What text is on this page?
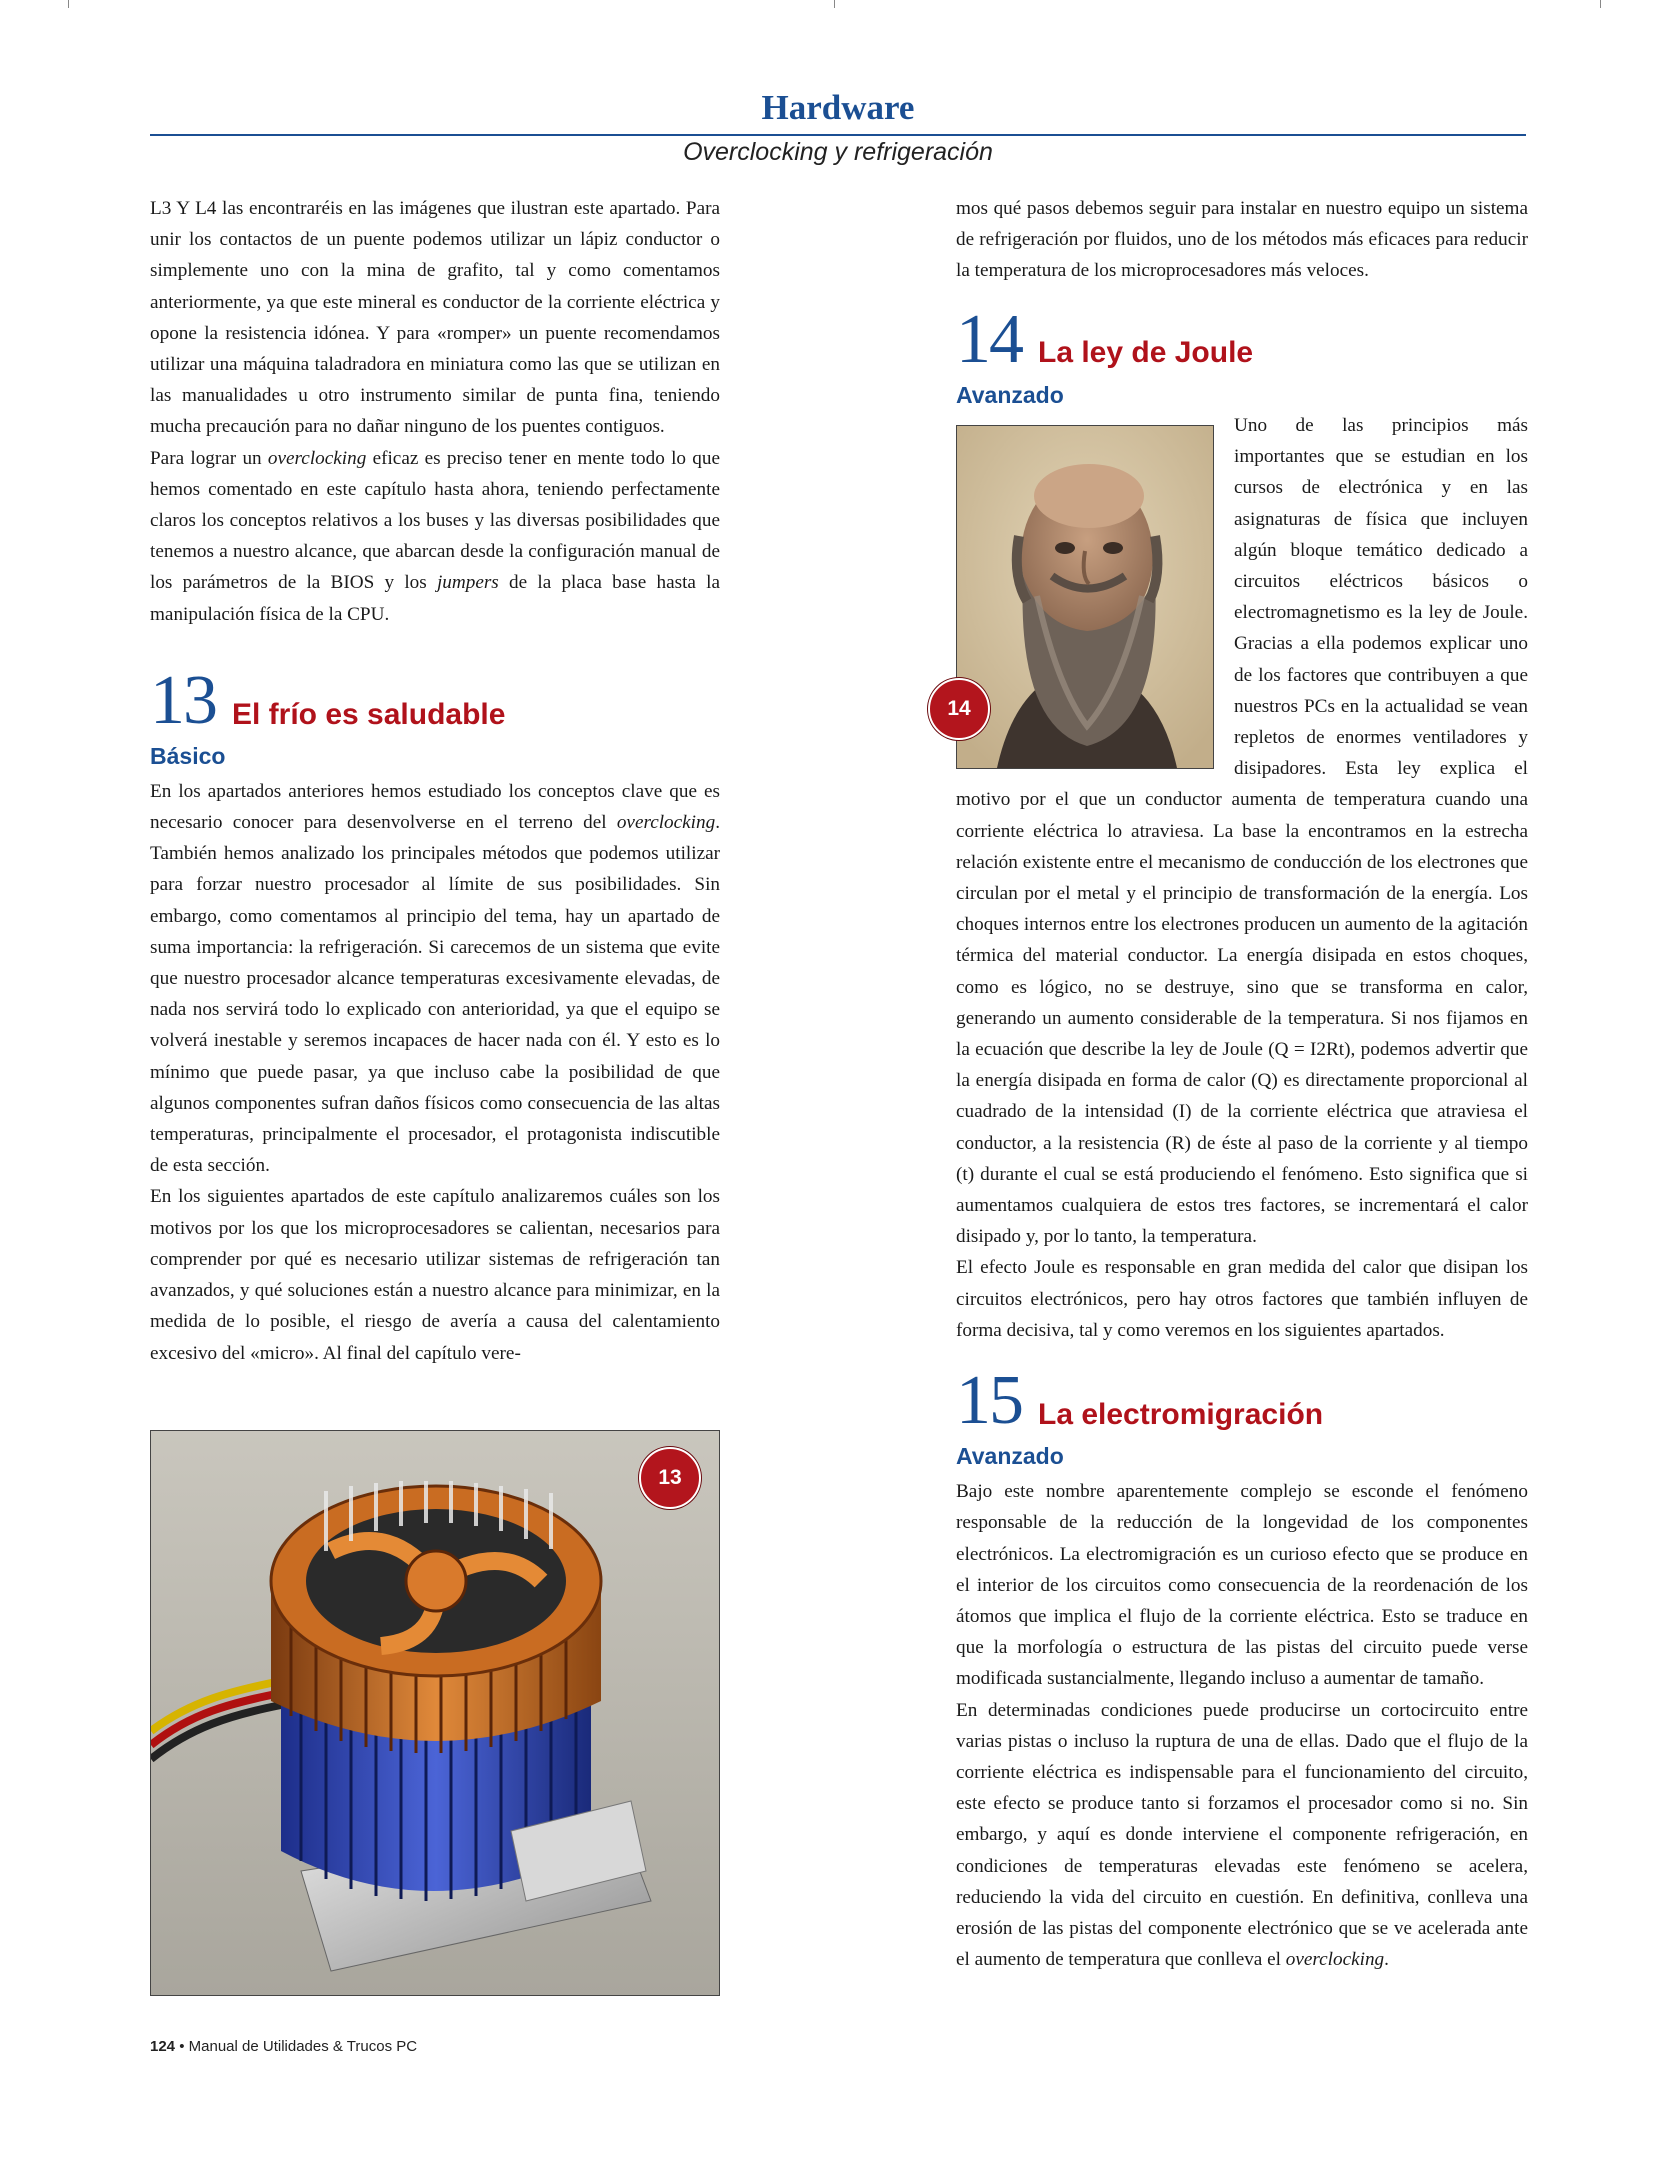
Hardware
Overclocking y refrigeración

L3 Y L4 las encontraréis en las imágenes que ilustran este apartado. Para unir los contactos de un puente podemos utilizar un lápiz conductor o simplemente uno con la mina de grafito, tal y como comentamos anteriormente, ya que este mineral es conductor de la corriente eléctrica y opone la resistencia idónea. Y para «romper» un puente recomendamos utilizar una máquina taladradora en miniatura como las que se utilizan en las manualidades u otro instrumento similar de punta fina, teniendo mucha precaución para no dañar ninguno de los puentes contiguos.

Para lograr un overclocking eficaz es preciso tener en mente todo lo que hemos comentado en este capítulo hasta ahora, teniendo perfectamente claros los conceptos relativos a los buses y las diversas posibilidades que tenemos a nuestro alcance, que abarcan desde la configuración manual de los parámetros de la BIOS y los jumpers de la placa base hasta la manipulación física de la CPU.

13 El frío es saludable
Básico

En los apartados anteriores hemos estudiado los conceptos clave que es necesario conocer para desenvolverse en el terreno del overclocking. También hemos analizado los principales métodos que podemos utilizar para forzar nuestro procesador al límite de sus posibilidades. Sin embargo, como comentamos al principio del tema, hay un apartado de suma importancia: la refrigeración. Si carecemos de un sistema que evite que nuestro procesador alcance temperaturas excesivamente elevadas, de nada nos servirá todo lo explicado con anterioridad, ya que el equipo se volverá inestable y seremos incapaces de hacer nada con él. Y esto es lo mínimo que puede pasar, ya que incluso cabe la posibilidad de que algunos componentes sufran daños físicos como consecuencia de las altas temperaturas, principalmente el procesador, el protagonista indiscutible de esta sección.

En los siguientes apartados de este capítulo analizaremos cuáles son los motivos por los que los microprocesadores se calientan, necesarios para comprender por qué es necesario utilizar sistemas de refrigeración tan avanzados, y qué soluciones están a nuestro alcance para minimizar, en la medida de lo posible, el riesgo de avería a causa del calentamiento excesivo del «micro». Al final del capítulo vere-

13

mos qué pasos debemos seguir para instalar en nuestro equipo un sistema de refrigeración por fluidos, uno de los métodos más eficaces para reducir la temperatura de los microprocesadores más veloces.

14 La ley de Joule
Avanzado
14

Uno de las principios más importantes que se estudian en los cursos de electrónica y en las asignaturas de física que incluyen algún bloque temático dedicado a circuitos eléctricos básicos o electromagnetismo es la ley de Joule. Gracias a ella podemos explicar uno de los factores que contribuyen a que nuestros PCs en la actualidad se vean repletos de enormes ventiladores y disipadores. Esta ley explica el motivo por el que un conductor aumenta de temperatura cuando una corriente eléctrica lo atraviesa. La base la encontramos en la estrecha relación existente entre el mecanismo de conducción de los electrones que circulan por el metal y el principio de transformación de la energía. Los choques internos entre los electrones producen un aumento de la agitación térmica del material conductor. La energía disipada en estos choques, como es lógico, no se destruye, sino que se transforma en calor, generando un aumento considerable de la temperatura. Si nos fijamos en la ecuación que describe la ley de Joule (Q = I2Rt), podemos advertir que la energía disipada en forma de calor (Q) es directamente proporcional al cuadrado de la intensidad (I) de la corriente eléctrica que atraviesa el conductor, a la resistencia (R) de éste al paso de la corriente y al tiempo (t) durante el cual se está produciendo el fenómeno. Esto significa que si aumentamos cualquiera de estos tres factores, se incrementará el calor disipado y, por lo tanto, la temperatura.

El efecto Joule es responsable en gran medida del calor que disipan los circuitos electrónicos, pero hay otros factores que también influyen de forma decisiva, tal y como veremos en los siguientes apartados.

15 La electromigración
Avanzado

Bajo este nombre aparentemente complejo se esconde el fenómeno responsable de la reducción de la longevidad de los componentes electrónicos. La electromigración es un curioso efecto que se produce en el interior de los circuitos como consecuencia de la reordenación de los átomos que implica el flujo de la corriente eléctrica. Esto se traduce en que la morfología o estructura de las pistas del circuito puede verse modificada sustancialmente, llegando incluso a aumentar de tamaño.

En determinadas condiciones puede producirse un cortocircuito entre varias pistas o incluso la ruptura de una de ellas. Dado que el flujo de la corriente eléctrica es indispensable para el funcionamiento del circuito, este efecto se produce tanto si forzamos el procesador como si no. Sin embargo, y aquí es donde interviene el componente refrigeración, en condiciones de temperaturas elevadas este fenómeno se acelera, reduciendo la vida del circuito en cuestión. En definitiva, conlleva una erosión de las pistas del componente electrónico que se ve acelerada ante el aumento de temperatura que conlleva el overclocking.

124 • Manual de Utilidades & Trucos PC
